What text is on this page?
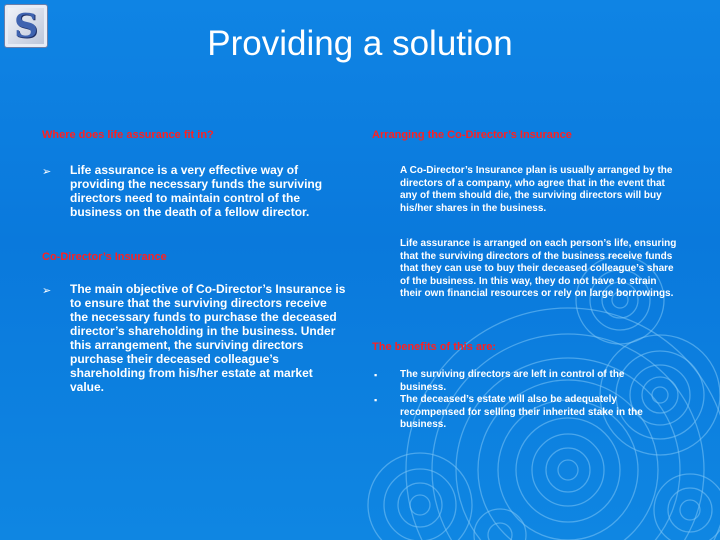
S	Providing a solution

Where does life assurance fit in?

➢ Life assurance is a very effective way of providing the necessary funds the surviving directors need to maintain control of the business on the death of a fellow director.

Co-Director’s Insurance

➢ The main objective of Co-Director’s Insurance is to ensure that the surviving directors receive the necessary funds to purchase the deceased director’s shareholding in the business. Under this arrangement, the surviving directors purchase their deceased colleague’s shareholding from his/her estate at market value.

Arranging the Co-Director’s Insurance

A Co-Director’s Insurance plan is usually arranged by the directors of a company, who agree that in the event that any of them should die, the surviving directors will buy his/her shares in the business.

Life assurance is arranged on each person’s life, ensuring that the surviving directors of the business receive funds that they can use to buy their deceased colleague’s share of the business. In this way, they do not have to strain their own financial resources or rely on large borrowings.

The benefits of this are:

▪ The surviving directors are left in control of the business.

▪ The deceased’s estate will also be adequately recompensed for selling their inherited stake in the business.
